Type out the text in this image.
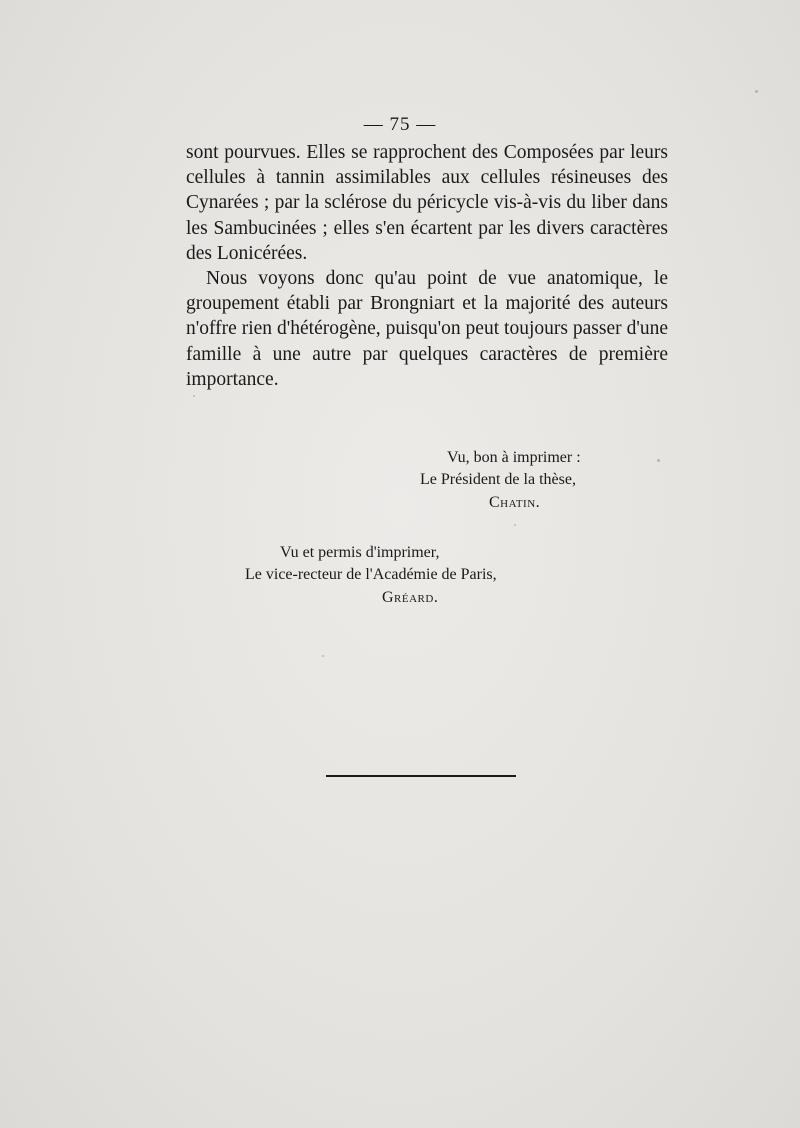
— 75 —

sont pourvues. Elles se rapprochent des Composées par leurs cellules à tannin assimilables aux cellules résineuses des Cynarées ; par la sclérose du péricycle vis-à-vis du liber dans les Sambucinées ; elles s'en écartent par les divers caractères des Lonicérées.

Nous voyons donc qu'au point de vue anatomique, le groupement établi par Brongniart et la majorité des auteurs n'offre rien d'hétérogène, puisqu'on peut toujours passer d'une famille à une autre par quelques caractères de première importance.

Vu, bon à imprimer :
Le Président de la thèse,
Chatin.
Vu et permis d'imprimer,
Le vice-recteur de l'Académie de Paris,
Gréard.
